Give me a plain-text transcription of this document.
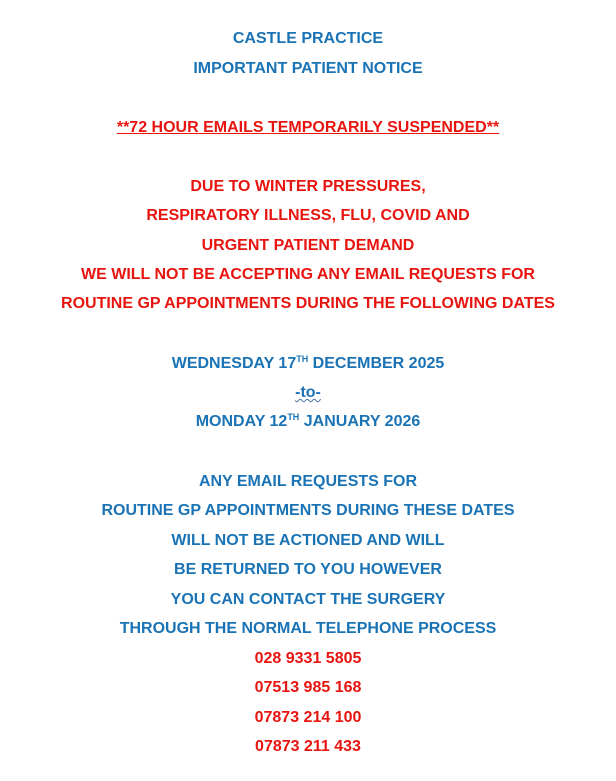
CASTLE PRACTICE
IMPORTANT PATIENT NOTICE
**72 HOUR EMAILS TEMPORARILY SUSPENDED**
DUE TO WINTER PRESSURES,
RESPIRATORY ILLNESS, FLU, COVID AND
URGENT PATIENT DEMAND
WE WILL NOT BE ACCEPTING ANY EMAIL REQUESTS FOR
ROUTINE GP APPOINTMENTS DURING THE FOLLOWING DATES
WEDNESDAY 17TH DECEMBER 2025
-to-
MONDAY 12TH JANUARY 2026
ANY EMAIL REQUESTS FOR
ROUTINE GP APPOINTMENTS DURING THESE DATES
WILL NOT BE ACTIONED AND WILL
BE RETURNED TO YOU HOWEVER
YOU CAN CONTACT THE SURGERY
THROUGH THE NORMAL TELEPHONE PROCESS
028 9331 5805
07513 985 168
07873 214 100
07873 211 433
